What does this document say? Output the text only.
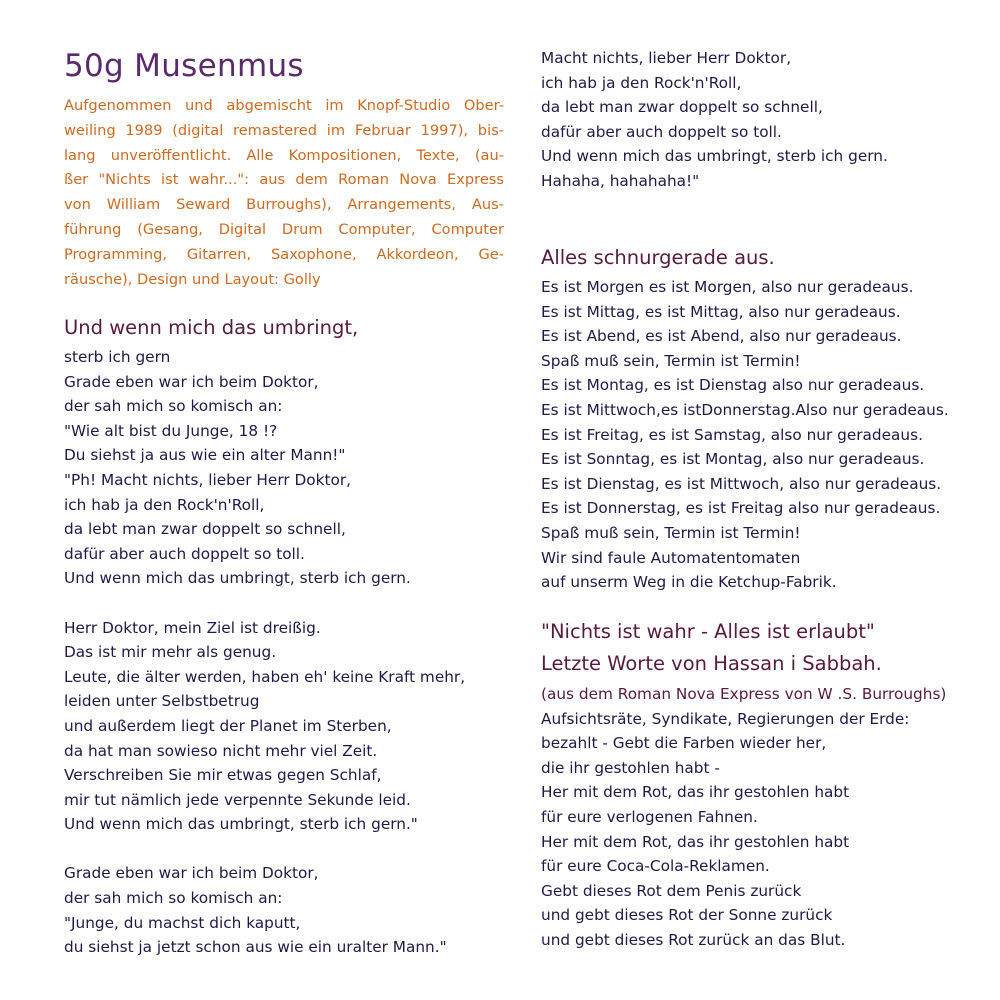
50g Musenmus
Aufgenommen und abgemischt im Knopf-Studio Ober-
weiling 1989 (digital remastered im Februar 1997), bis-
lang unveröffentlicht. Alle Kompositionen, Texte, (au-
ßer "Nichts ist wahr...": aus dem Roman Nova Express
von William Seward Burroughs), Arrangements, Aus-
führung (Gesang, Digital Drum Computer, Computer
Programming, Gitarren, Saxophone, Akkordeon, Ge-
räusche), Design und Layout: Golly
Und wenn mich das umbringt,
sterb ich gern
Grade eben war ich beim Doktor,
der sah mich so komisch an:
"Wie alt bist du Junge, 18 !?
Du siehst ja aus wie ein alter Mann!"
"Ph! Macht nichts, lieber Herr Doktor,
ich hab ja den Rock'n'Roll,
da lebt man zwar doppelt so schnell,
dafür aber auch doppelt so toll.
Und wenn mich das umbringt, sterb ich gern.
Herr Doktor, mein Ziel ist dreißig.
Das ist mir mehr als genug.
Leute, die älter werden, haben eh' keine Kraft mehr,
leiden unter Selbstbetrug
und außerdem liegt der Planet im Sterben,
da hat man sowieso nicht mehr viel Zeit.
Verschreiben Sie mir etwas gegen Schlaf,
mir tut nämlich jede verpennte Sekunde leid.
Und wenn mich das umbringt, sterb ich gern."
Grade eben war ich beim Doktor,
der sah mich so komisch an:
"Junge, du machst dich kaputt,
du siehst ja jetzt schon aus wie ein uralter Mann."
Macht nichts, lieber Herr Doktor,
ich hab ja den Rock'n'Roll,
da lebt man zwar doppelt so schnell,
dafür aber auch doppelt so toll.
Und wenn mich das umbringt, sterb ich gern.
Hahaha, hahahaha!"
Alles schnurgerade aus.
Es ist Morgen es ist Morgen, also nur geradeaus.
Es ist Mittag, es ist Mittag, also nur geradeaus.
Es ist Abend, es ist Abend, also nur geradeaus.
Spaß muß sein, Termin ist Termin!
Es ist Montag, es ist Dienstag also nur geradeaus.
Es ist Mittwoch,es istDonnerstag.Also nur geradeaus.
Es ist Freitag, es ist Samstag, also nur geradeaus.
Es ist Sonntag, es ist Montag, also nur geradeaus.
Es ist Dienstag, es ist Mittwoch, also nur geradeaus.
Es ist Donnerstag, es ist Freitag also nur geradeaus.
Spaß muß sein, Termin ist Termin!
Wir sind faule Automatentomaten
auf unserm Weg in die Ketchup-Fabrik.
"Nichts ist wahr - Alles ist erlaubt"
Letzte Worte von Hassan i Sabbah.
(aus dem Roman Nova Express von W .S. Burroughs)
Aufsichtsräte, Syndikate, Regierungen der Erde:
bezahlt - Gebt die Farben wieder her,
die ihr gestohlen habt -
Her mit dem Rot, das ihr gestohlen habt
für eure verlogenen Fahnen.
Her mit dem Rot, das ihr gestohlen habt
für eure Coca-Cola-Reklamen.
Gebt dieses Rot dem Penis zurück
und gebt dieses Rot der Sonne zurück
und gebt dieses Rot zurück an das Blut.
